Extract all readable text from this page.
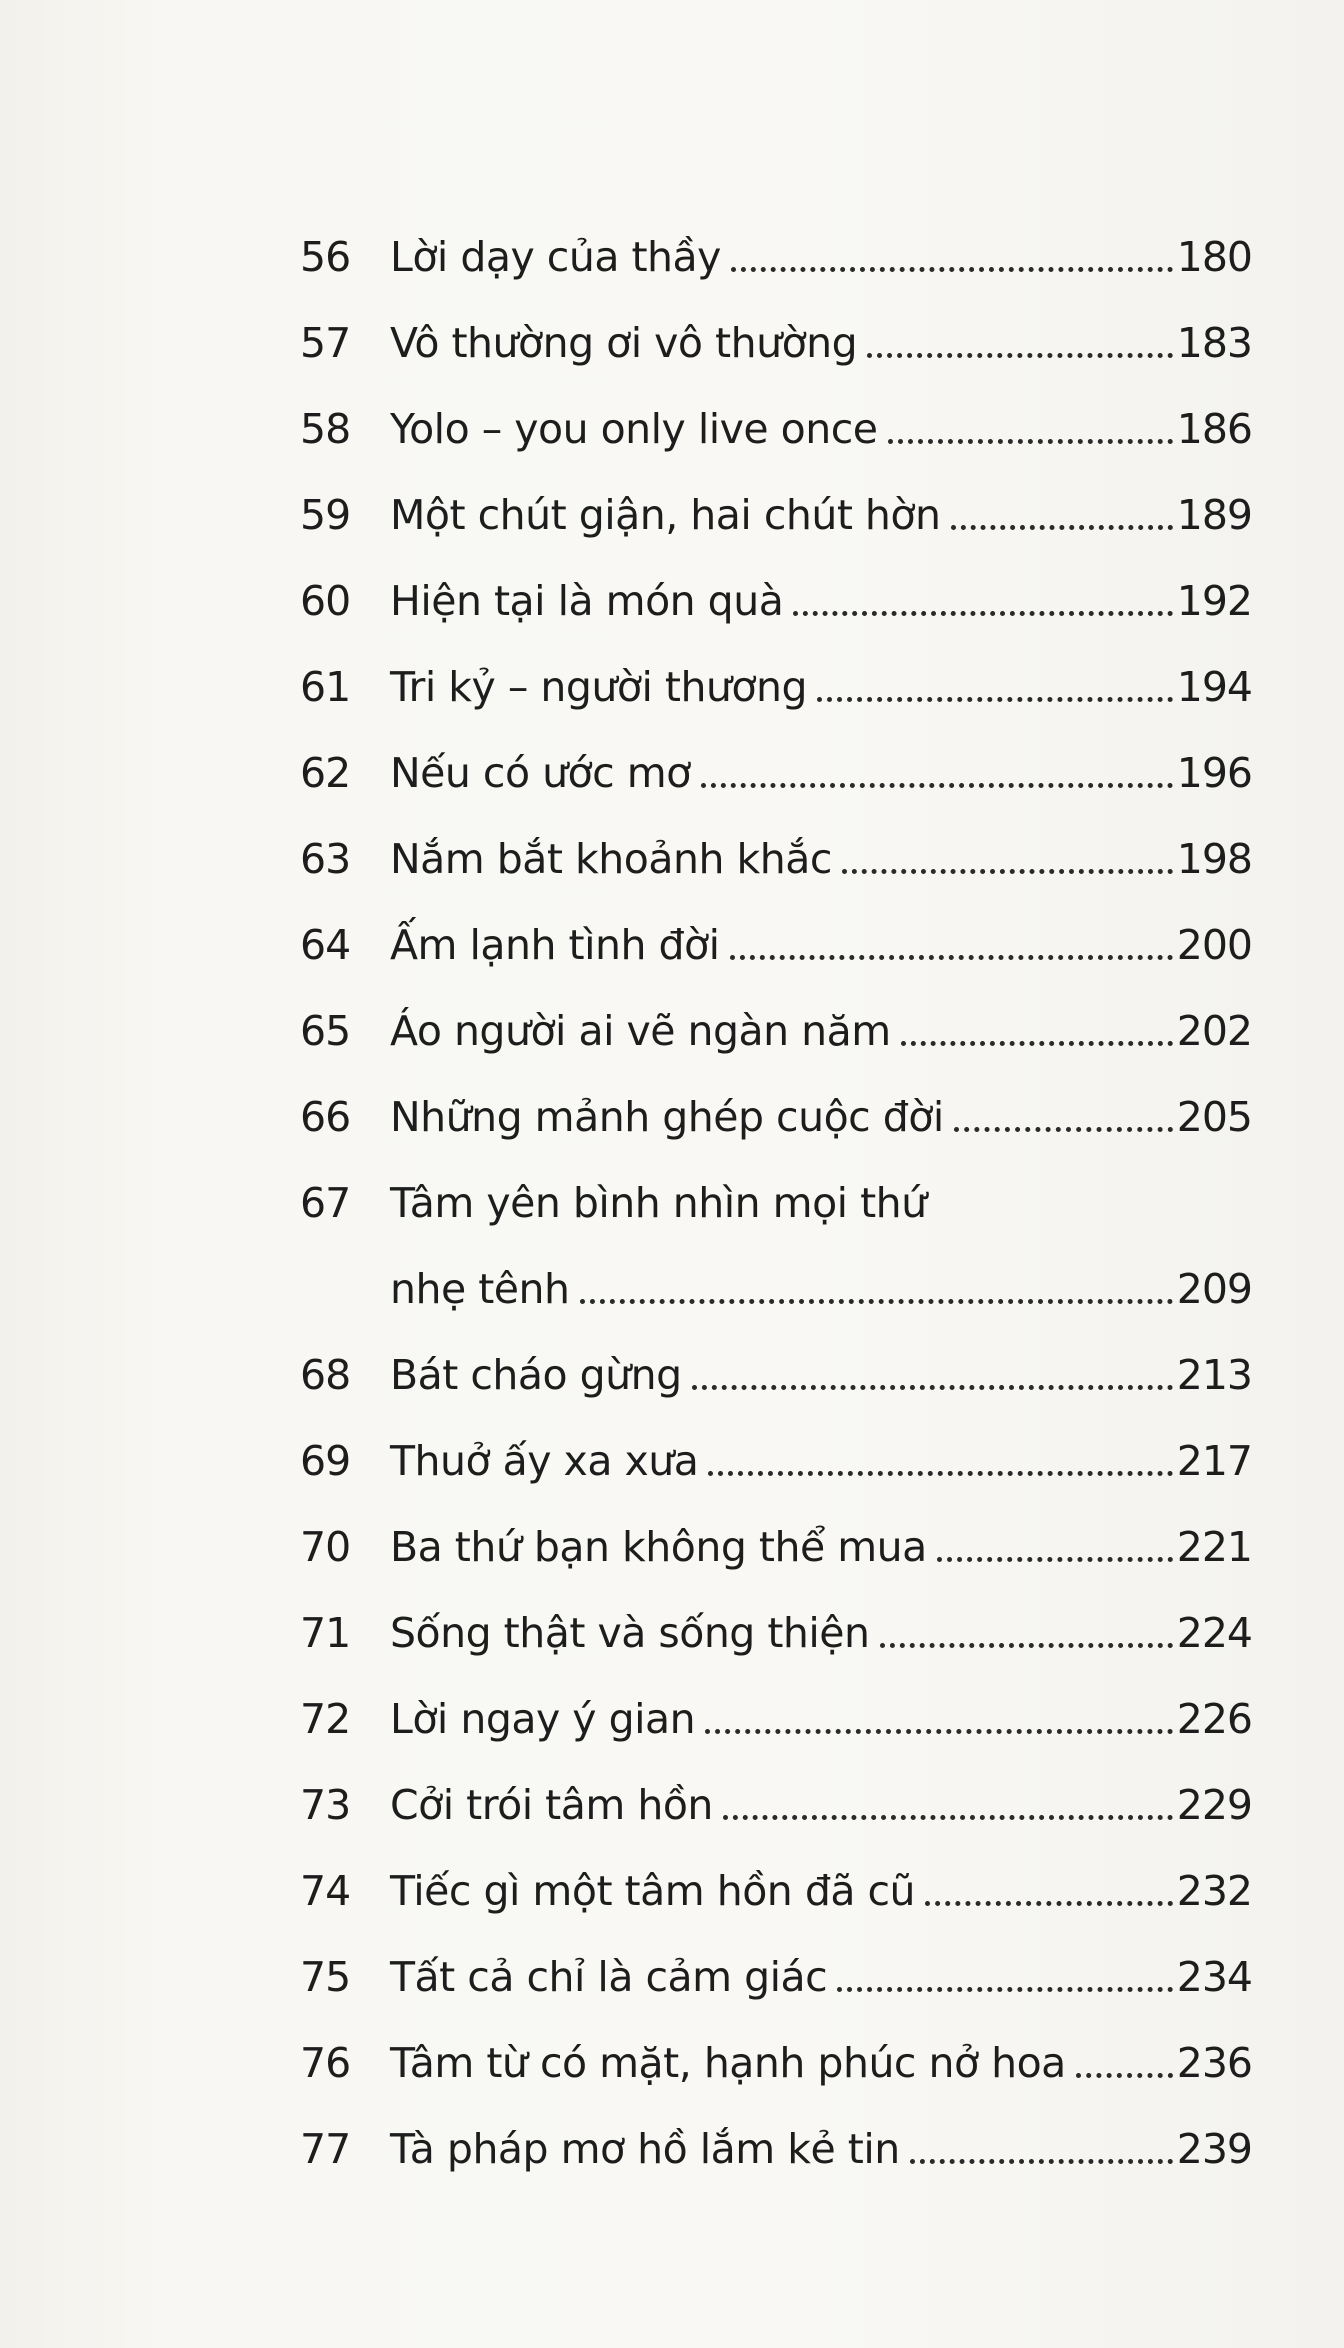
56 Lời dạy của thầy	180
57 Vô thường ơi vô thường	183
58 Yolo – you only live once	186
59 Một chút giận, hai chút hờn	189
60 Hiện tại là món quà	192
61 Tri kỷ – người thương	194
62 Nếu có ước mơ	196
63 Nắm bắt khoảnh khắc	198
64 Ấm lạnh tình đời	200
65 Áo người ai vẽ ngàn năm	202
66 Những mảnh ghép cuộc đời	205
67 Tâm yên bình nhìn mọi thứ
nhẹ tênh	209
68 Bát cháo gừng	213
69 Thuở ấy xa xưa	217
70 Ba thứ bạn không thể mua	221
71 Sống thật và sống thiện	224
72 Lời ngay ý gian	226
73 Cởi trói tâm hồn	229
74 Tiếc gì một tâm hồn đã cũ	232
75 Tất cả chỉ là cảm giác	234
76 Tâm từ có mặt, hạnh phúc nở hoa	236
77 Tà pháp mơ hồ lắm kẻ tin	239
